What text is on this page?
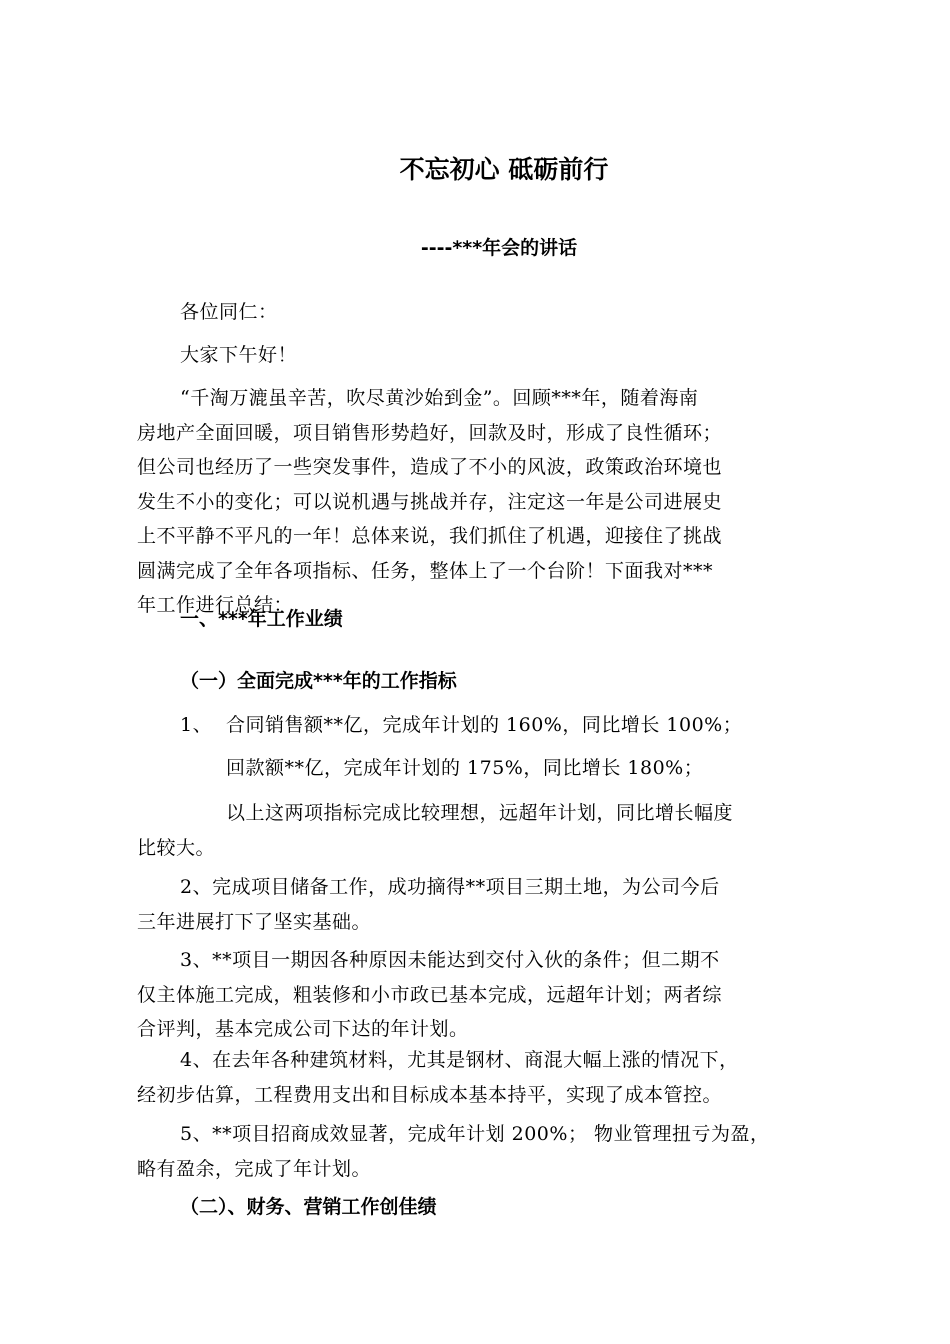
不忘初心 砥砺前行
----***年会的讲话
各位同仁：
大家下午好！
“千淘万漉虽辛苦，吹尽黄沙始到金”。回顾***年，随着海南
房地产全面回暖，项目销售形势趋好，回款及时，形成了良性循环；
但公司也经历了一些突发事件，造成了不小的风波，政策政治环境也
发生不小的变化；可以说机遇与挑战并存，注定这一年是公司进展史
上不平静不平凡的一年！总体来说，我们抓住了机遇，迎接住了挑战
圆满完成了全年各项指标、任务，整体上了一个台阶！下面我对***
年工作进行总结：
一、***年工作业绩
（一）全面完成***年的工作指标
1、 合同销售额**亿，完成年计划的 160%，同比增长 100%；
回款额**亿，完成年计划的 175%，同比增长 180%；
以上这两项指标完成比较理想，远超年计划，同比增长幅度
比较大。
2、完成项目储备工作，成功摘得**项目三期土地，为公司今后
三年进展打下了坚实基础。
3、**项目一期因各种原因未能达到交付入伙的条件；但二期不
仅主体施工完成，粗装修和小市政已基本完成，远超年计划；两者综
合评判，基本完成公司下达的年计划。
4、在去年各种建筑材料，尤其是钢材、商混大幅上涨的情况下，
经初步估算，工程费用支出和目标成本基本持平，实现了成本管控。
5、**项目招商成效显著，完成年计划 200%； 物业管理扭亏为盈，
略有盈余，完成了年计划。
（二）、财务、营销工作创佳绩
